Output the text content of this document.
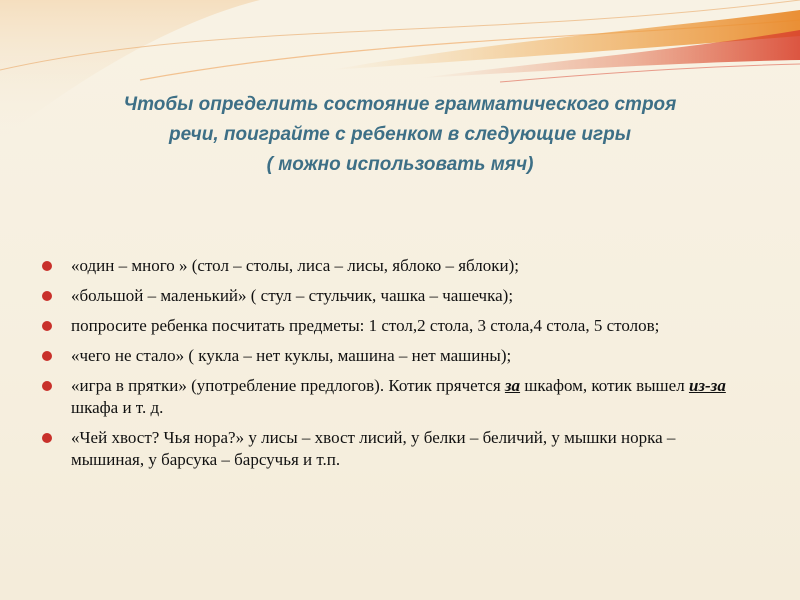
Чтобы определить состояние грамматического строя
речи, поиграйте с ребенком в следующие игры
( можно использовать мяч)
«один – много » (стол – столы, лиса – лисы, яблоко – яблоки);
«большой – маленький» ( стул – стульчик, чашка – чашечка);
попросите ребенка посчитать предметы: 1 стол,2 стола, 3 стола,4 стола, 5 столов;
«чего не стало» ( кукла – нет куклы, машина – нет машины);
«игра в прятки» (употребление предлогов). Котик прячется за шкафом, котик вышел из-за шкафа и т. д.
«Чей хвост? Чья нора?» у лисы – хвост лисий, у белки – беличий, у мышки норка – мышиная, у барсука – барсучья и т.п.
